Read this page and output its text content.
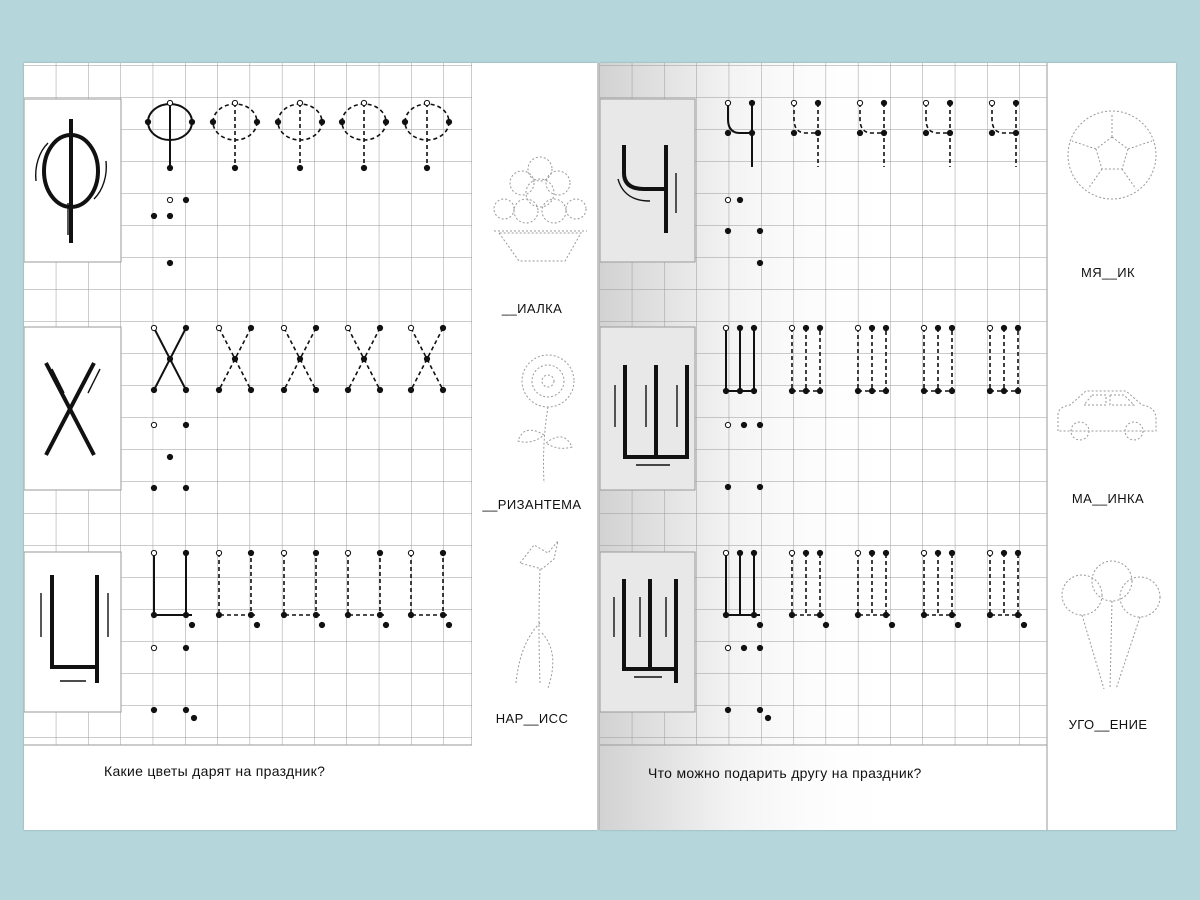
__ИАЛКА
__РИЗАНТЕМА
НАР__ИСС
Какие цветы дарят на праздник?
МЯ__ИК
МА__ИНКА
УГО__ЕНИЕ
Что можно подарить другу на праздник?
